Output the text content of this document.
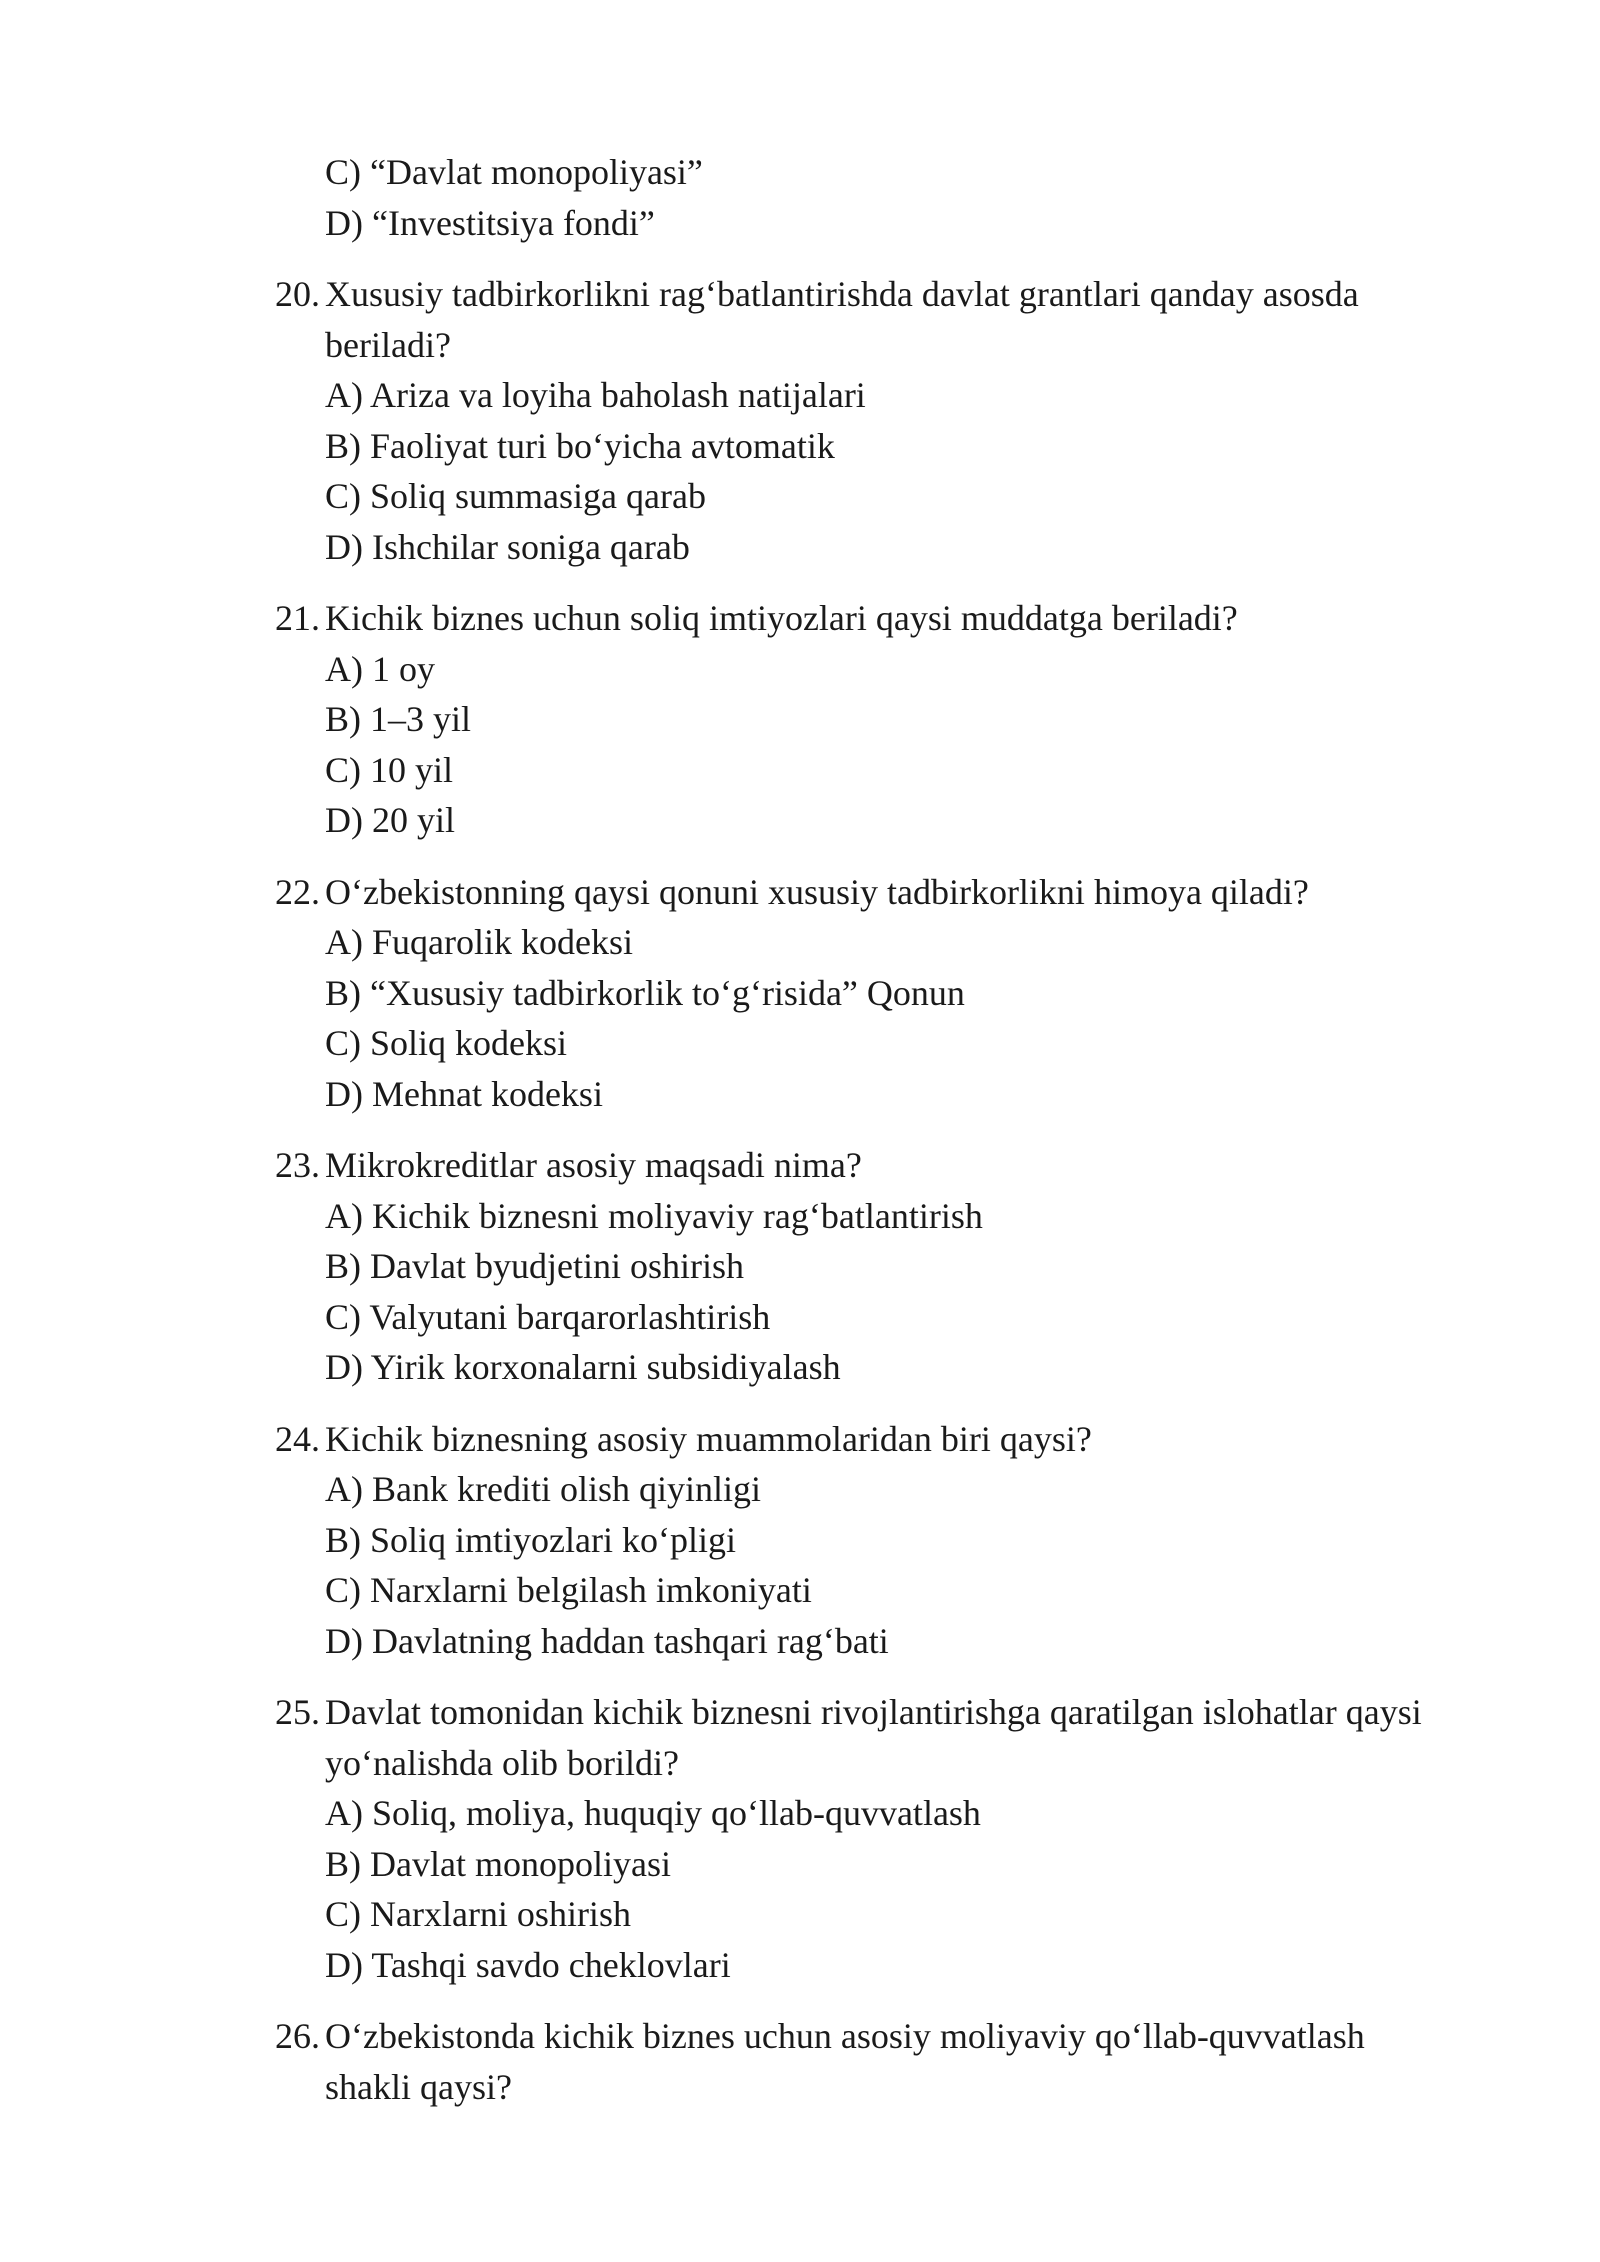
C) “Davlat monopoliyasi”
D) “Investitsiya fondi”
20. Xususiy tadbirkorlikni rag‘batlantirishda davlat grantlari qanday asosda
beriladi?
A) Ariza va loyiha baholash natijalari
B) Faoliyat turi bo‘yicha avtomatik
C) Soliq summasiga qarab
D) Ishchilar soniga qarab
21. Kichik biznes uchun soliq imtiyozlari qaysi muddatga beriladi?
A) 1 oy
B) 1–3 yil
C) 10 yil
D) 20 yil
22. O‘zbekistonning qaysi qonuni xususiy tadbirkorlikni himoya qiladi?
A) Fuqarolik kodeksi
B) “Xususiy tadbirkorlik to‘g‘risida” Qonun
C) Soliq kodeksi
D) Mehnat kodeksi
23. Mikrokreditlar asosiy maqsadi nima?
A) Kichik biznesni moliyaviy rag‘batlantirish
B) Davlat byudjetini oshirish
C) Valyutani barqarorlashtirish
D) Yirik korxonalarni subsidiyalash
24. Kichik biznesning asosiy muammolaridan biri qaysi?
A) Bank krediti olish qiyinligi
B) Soliq imtiyozlari ko‘pligi
C) Narxlarni belgilash imkoniyati
D) Davlatning haddan tashqari rag‘bati
25. Davlat tomonidan kichik biznesni rivojlantirishga qaratilgan islohatlar qaysi
yo‘nalishda olib borildi?
A) Soliq, moliya, huquqiy qo‘llab-quvvatlash
B) Davlat monopoliyasi
C) Narxlarni oshirish
D) Tashqi savdo cheklovlari
26. O‘zbekistonda kichik biznes uchun asosiy moliyaviy qo‘llab-quvvatlash
shakli qaysi?
